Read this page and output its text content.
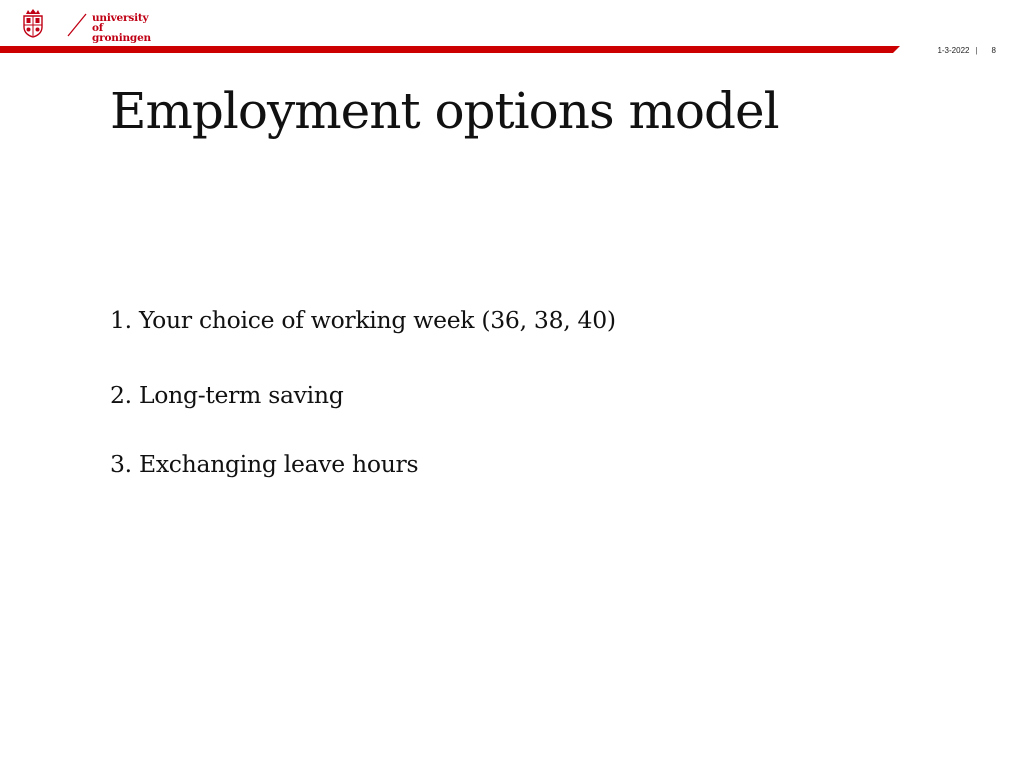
university of
groningen
1-3-2022 | 8
Employment options model
1. Your choice of working week (36, 38, 40)
2. Long-term saving
3. Exchanging leave hours
